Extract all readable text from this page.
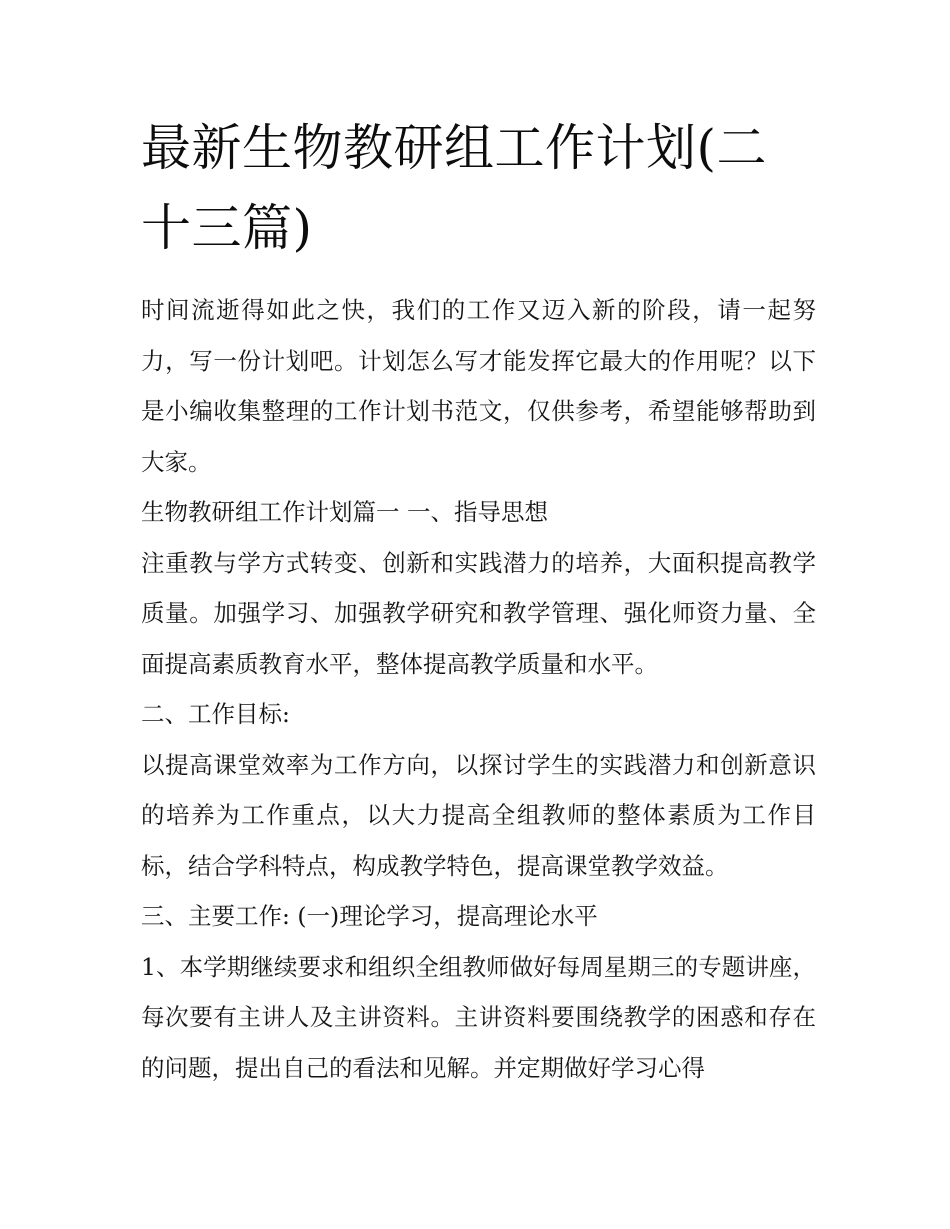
最新生物教研组工作计划(二十三篇)

时间流逝得如此之快，我们的工作又迈入新的阶段，请一起努力，写一份计划吧。计划怎么写才能发挥它最大的作用呢？以下是小编收集整理的工作计划书范文，仅供参考，希望能够帮助到大家。

生物教研组工作计划篇一 一、指导思想

注重教与学方式转变、创新和实践潜力的培养，大面积提高教学质量。加强学习、加强教学研究和教学管理、强化师资力量、全面提高素质教育水平，整体提高教学质量和水平。

二、工作目标:

以提高课堂效率为工作方向，以探讨学生的实践潜力和创新意识的培养为工作重点，以大力提高全组教师的整体素质为工作目标，结合学科特点，构成教学特色，提高课堂教学效益。

三、主要工作: (一)理论学习，提高理论水平

1、本学期继续要求和组织全组教师做好每周星期三的专题讲座，每次要有主讲人及主讲资料。主讲资料要围绕教学的困惑和存在的问题，提出自己的看法和见解。并定期做好学习心得
